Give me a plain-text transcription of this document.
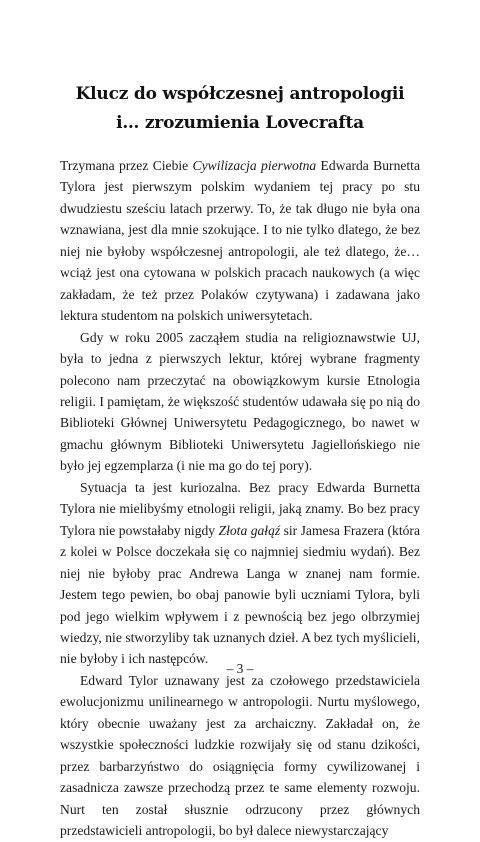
Klucz do współczesnej antropologii
i… zrozumienia Lovecrafta

Trzymana przez Ciebie Cywilizacja pierwotna Edwarda Burnetta Tylora jest pierwszym polskim wydaniem tej pracy po stu dwudziestu sześciu latach przerwy. To, że tak długo nie była ona wznawiana, jest dla mnie szokujące. I to nie tylko dlatego, że bez niej nie byłoby współczesnej antropologii, ale też dlatego, że… wciąż jest ona cytowana w polskich pracach naukowych (a więc zakładam, że też przez Polaków czytywana) i zadawana jako lektura studentom na polskich uniwersytetach.

Gdy w roku 2005 zacząłem studia na religioznawstwie UJ, była to jedna z pierwszych lektur, której wybrane fragmenty polecono nam przeczytać na obowiązkowym kursie Etnologia religii. I pamiętam, że większość studentów udawała się po nią do Biblioteki Głównej Uniwersytetu Pedagogicznego, bo nawet w gmachu głównym Biblioteki Uniwersytetu Jagiellońskiego nie było jej egzemplarza (i nie ma go do tej pory).

Sytuacja ta jest kuriozalna. Bez pracy Edwarda Burnetta Tylora nie mielibyśmy etnologii religii, jaką znamy. Bo bez pracy Tylora nie powstałaby nigdy Złota gałąź sir Jamesa Frazera (która z kolei w Polsce doczekała się co najmniej siedmiu wydań). Bez niej nie byłoby prac Andrewa Langa w znanej nam formie. Jestem tego pewien, bo obaj panowie byli uczniami Tylora, byli pod jego wielkim wpływem i z pewnością bez jego olbrzymiej wiedzy, nie stworzyliby tak uznanych dzieł. A bez tych myślicieli, nie byłoby i ich następców.

Edward Tylor uznawany jest za czołowego przedstawiciela ewolucjonizmu unilinearnego w antropologii. Nurtu myślowego, który obecnie uważany jest za archaiczny. Zakładał on, że wszystkie społeczności ludzkie rozwijały się od stanu dzikości, przez barbarzyństwo do osiągnięcia formy cywilizowanej i zasadnicza zawsze przechodzą przez te same elementy rozwoju. Nurt ten został słusznie odrzucony przez głównych przedstawicieli antropologii, bo był dalece niewystarczający

– 3 –
